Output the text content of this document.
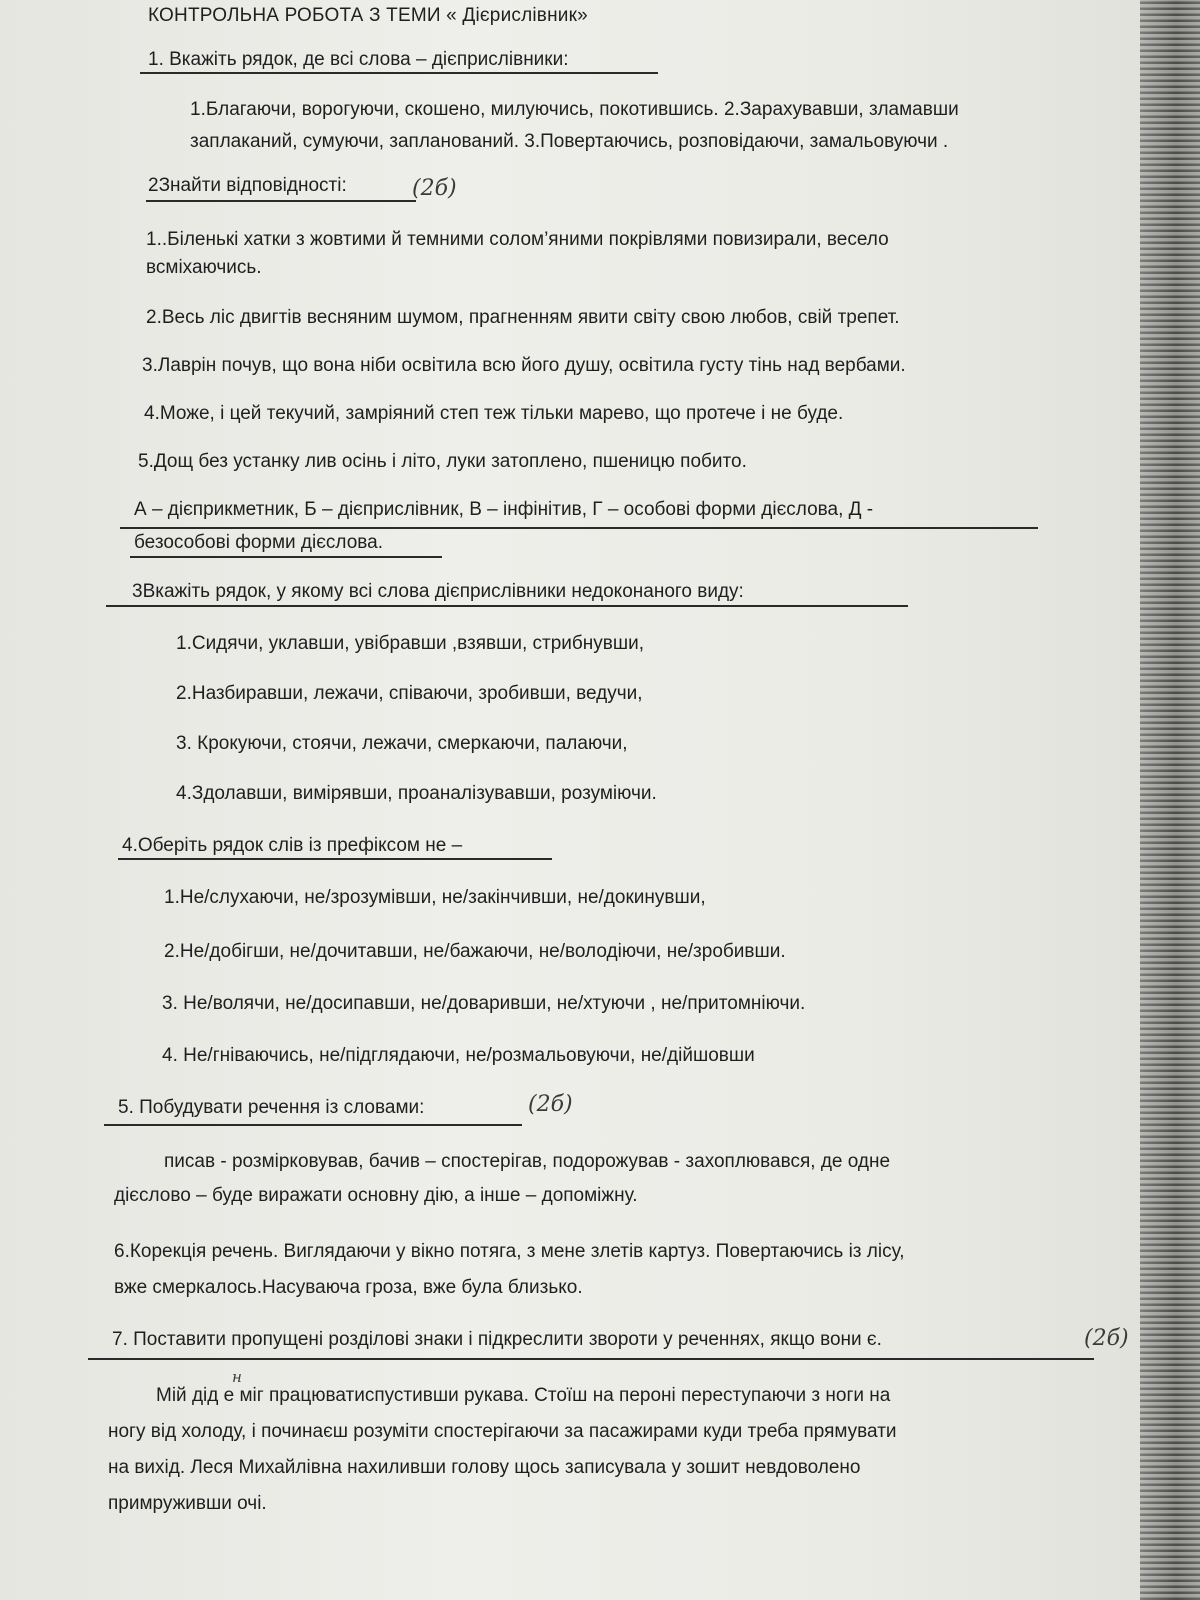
КОНТРОЛЬНА РОБОТА З ТЕМИ « Дієрислівник»
1. Вкажіть рядок, де всі слова – дієприслівники:
1.Благаючи, ворогуючи, скошено, милуючись, покотившись. 2.Зарахувавши, зламавши
заплаканий, сумуючи, запланований. 3.Повертаючись, розповідаючи, замальовуючи .
2Знайти відповідності:	(2б)
1..Біленькі хатки з жовтими й темними солом’яними покрівлями повизирали, весело
всміхаючись.
2.Весь ліс двигтів весняним шумом, прагненням явити світу свою любов, свій трепет.
3.Лаврін почув, що вона ніби освітила всю його душу, освітила густу тінь над вербами.
4.Може, і цей текучий, замріяний степ теж тільки марево, що протече і не буде.
5.Дощ без устанку лив осінь і літо, луки затоплено, пшеницю побито.
А – дієприкметник, Б – дієприслівник, В – інфінітив, Г – особові форми дієслова, Д -
безособові форми дієслова.
3Вкажіть рядок, у якому всі слова дієприслівники недоконаного виду:
1.Сидячи, уклавши, увібравши ,взявши, стрибнувши,
2.Назбиравши, лежачи, співаючи, зробивши, ведучи,
3. Крокуючи, стоячи, лежачи, смеркаючи, палаючи,
4.Здолавши, вимірявши, проаналізувавши, розуміючи.
4.Оберіть рядок слів із префіксом не –
1.Не/слухаючи, не/зрозумівши, не/закінчивши, не/докинувши,
2.Не/добігши, не/дочитавши, не/бажаючи, не/володіючи, не/зробивши.
3. Не/волячи, не/досипавши, не/доваривши, не/хтуючи , не/притомніючи.
4. Не/гніваючись, не/підглядаючи, не/розмальовуючи, не/дійшовши
5. Побудувати речення із словами:	(2б)
писав - розмірковував, бачив – спостерігав, подорожував - захоплювався, де одне
дієслово – буде виражати основну дію, а інше – допоміжну.
6.Корекція речень. Виглядаючи у вікно потяга, з мене злетів картуз. Повертаючись із лісу,
вже смеркалось.Насуваюча гроза, вже була близько.
7. Поставити пропущені розділові знаки і підкреслити звороти у реченнях, якщо вони є.	(2б)
н
Мій дід е міг працюватиспустивши рукава. Стоїш на пероні переступаючи з ноги на
ногу від холоду, і починаєш розуміти спостерігаючи за пасажирами куди треба прямувати
на вихід. Леся Михайлівна нахиливши голову щось записувала у зошит невдоволено
примруживши очі.
